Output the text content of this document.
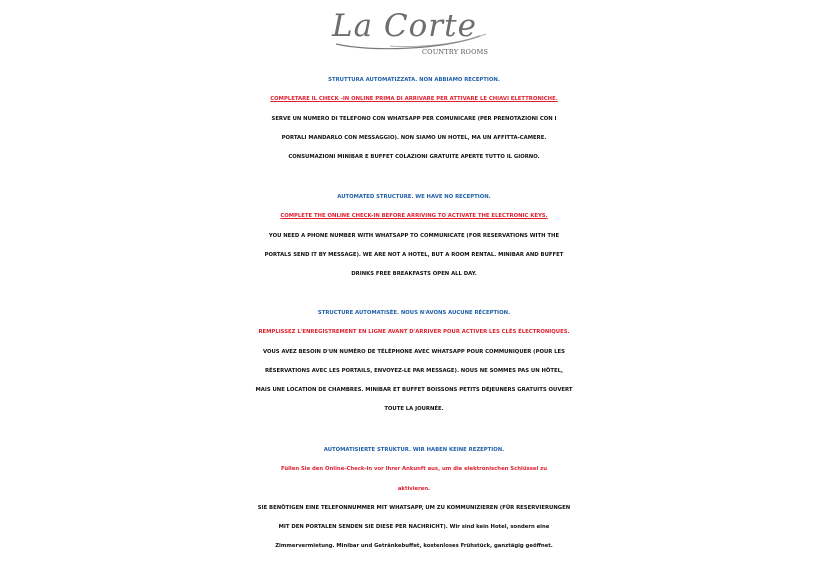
La Corte
COUNTRY ROOMS
STRUTTURA AUTOMATIZZATA. NON ABBIAMO RECEPTION.
COMPLETARE IL CHECK -IN ONLINE PRIMA DI ARRIVARE PER ATTIVARE LE CHIAVI ELETTRONICHE.
SERVE UN NUMERO DI TELEFONO CON WHATSAPP PER COMUNICARE (PER PRENOTAZIONI CON I
PORTALI MANDARLO CON MESSAGGIO). NON SIAMO UN HOTEL, MA UN AFFITTA-CAMERE.
CONSUMAZIONI MINIBAR E BUFFET COLAZIONI GRATUITE APERTE TUTTO IL GIORNO.
AUTOMATED STRUCTURE. WE HAVE NO RECEPTION.
COMPLETE THE ONLINE CHECK-IN BEFORE ARRIVING TO ACTIVATE THE ELECTRONIC KEYS.
YOU NEED A PHONE NUMBER WITH WHATSAPP TO COMMUNICATE (FOR RESERVATIONS WITH THE
PORTALS SEND IT BY MESSAGE). WE ARE NOT A HOTEL, BUT A ROOM RENTAL. MINIBAR AND BUFFET
DRINKS FREE BREAKFASTS OPEN ALL DAY.
STRUCTURE AUTOMATISÉE. NOUS N'AVONS AUCUNE RÉCEPTION.
REMPLISSEZ L'ENREGISTREMENT EN LIGNE AVANT D'ARRIVER POUR ACTIVER LES CLÉS ÉLECTRONIQUES.
VOUS AVEZ BESOIN D'UN NUMÉRO DE TÉLÉPHONE AVEC WHATSAPP POUR COMMUNIQUER (POUR LES
RÉSERVATIONS AVEC LES PORTAILS, ENVOYEZ-LE PAR MESSAGE). NOUS NE SOMMES PAS UN HÔTEL,
MAIS UNE LOCATION DE CHAMBRES. MINIBAR ET BUFFET BOISSONS PETITS DÉJEUNERS GRATUITS OUVERT
TOUTE LA JOURNÉE.
AUTOMATISIERTE STRUKTUR. WIR HABEN KEINE REZEPTION.
Füllen Sie den Online-Check-in vor Ihrer Ankunft aus, um die elektronischen Schlüssel zu
aktivieren.
SIE BENÖTIGEN EINE TELEFONNUMMER MIT WHATSAPP, UM ZU KOMMUNIZIEREN (FÜR RESERVIERUNGEN
MIT DEN PORTALEN SENDEN SIE DIESE PER NACHRICHT). Wir sind kein Hotel, sondern eine
Zimmervermietung. Minibar und Getränkebuffet, kostenloses Frühstück, ganztägig geöffnet.
